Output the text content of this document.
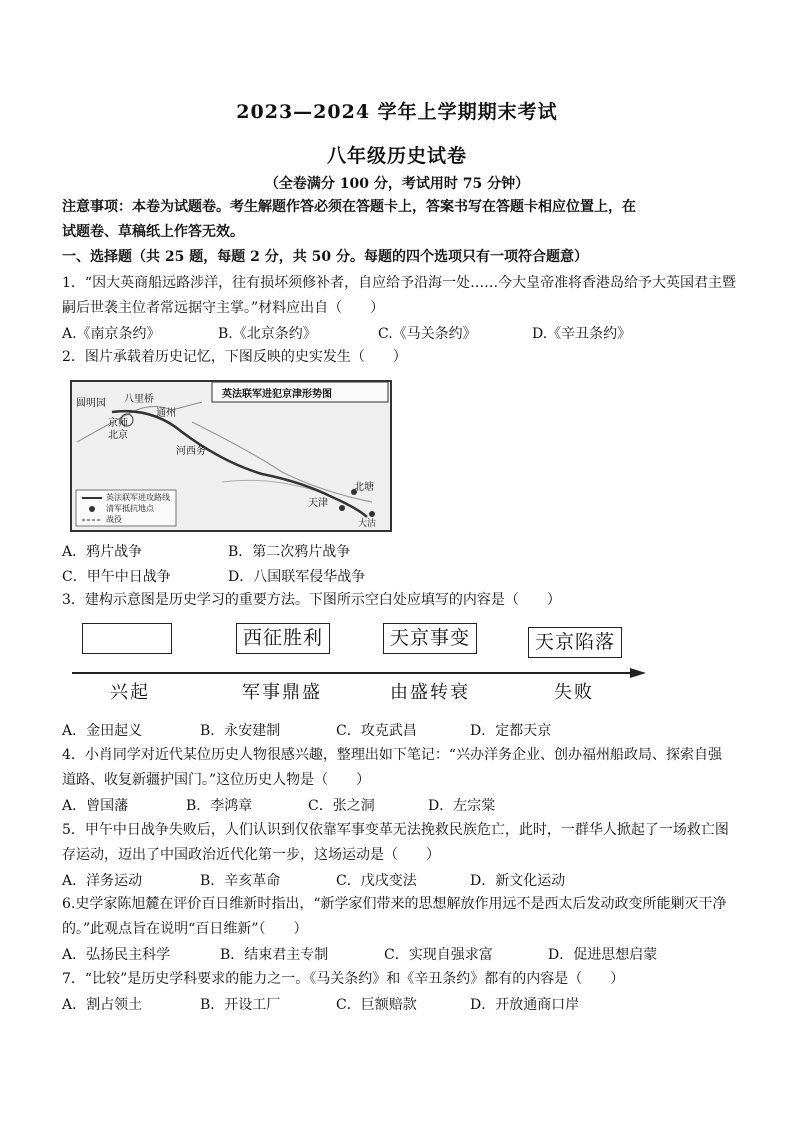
2023—2024 学年上学期期末考试
八年级历史试卷
（全卷满分 100 分，考试用时 75 分钟）
注意事项：本卷为试题卷。考生解题作答必须在答题卡上，答案书写在答题卡相应位置上，在
试题卷、草稿纸上作答无效。
一、选择题（共 25 题，每题 2 分，共 50 分。每题的四个选项只有一项符合题意）
1．“因大英商船远路涉洋，往有损坏须修补者，自应给予沿海一处……今大皇帝准将香港岛给予大英国君主暨
嗣后世袭主位者常远据守主掌。”材料应出自（　　）
A.《南京条约》	B.《北京条约》	C.《马关条约》	D.《辛丑条约》
2．图片承载着历史记忆，下图反映的史实发生（　　）
英法联军进犯京津形势图
圆明园 八里桥
北京
通州
京师
河西务
北塘
天津
大沽
英法联军进攻路线
清军抵抗地点
战役
A．鸦片战争	B．第二次鸦片战争
C．甲午中日战争	D．八国联军侵华战争
3．建构示意图是历史学习的重要方法。下图所示空白处应填写的内容是（　　）
西征胜利	天京事变	天京陷落
兴起	军事鼎盛	由盛转衰	失败
A．金田起义	B．永安建制	C．攻克武昌	D．定都天京
4．小肖同学对近代某位历史人物很感兴趣，整理出如下笔记：“兴办洋务企业、创办福州船政局、探索自强
道路、收复新疆护国门。”这位历史人物是（　　）
A．曾国藩	B．李鸿章	C．张之洞	D．左宗棠
5．甲午中日战争失败后，人们认识到仅依靠军事变革无法挽救民族危亡，此时，一群华人掀起了一场救亡图
存运动，迈出了中国政治近代化第一步，这场运动是（　　）
A．洋务运动	B．辛亥革命	C．戊戌变法	D．新文化运动
6.史学家陈旭麓在评价百日维新时指出，“新学家们带来的思想解放作用远不是西太后发动政变所能剿灭干净
的。”此观点旨在说明“百日维新”（　　）
A．弘扬民主科学	B．结束君主专制	C．实现自强求富	D．促进思想启蒙
7．“比较”是历史学科要求的能力之一。《马关条约》和《辛丑条约》都有的内容是（　　）
A．割占领土	B．开设工厂	C．巨额赔款	D．开放通商口岸
